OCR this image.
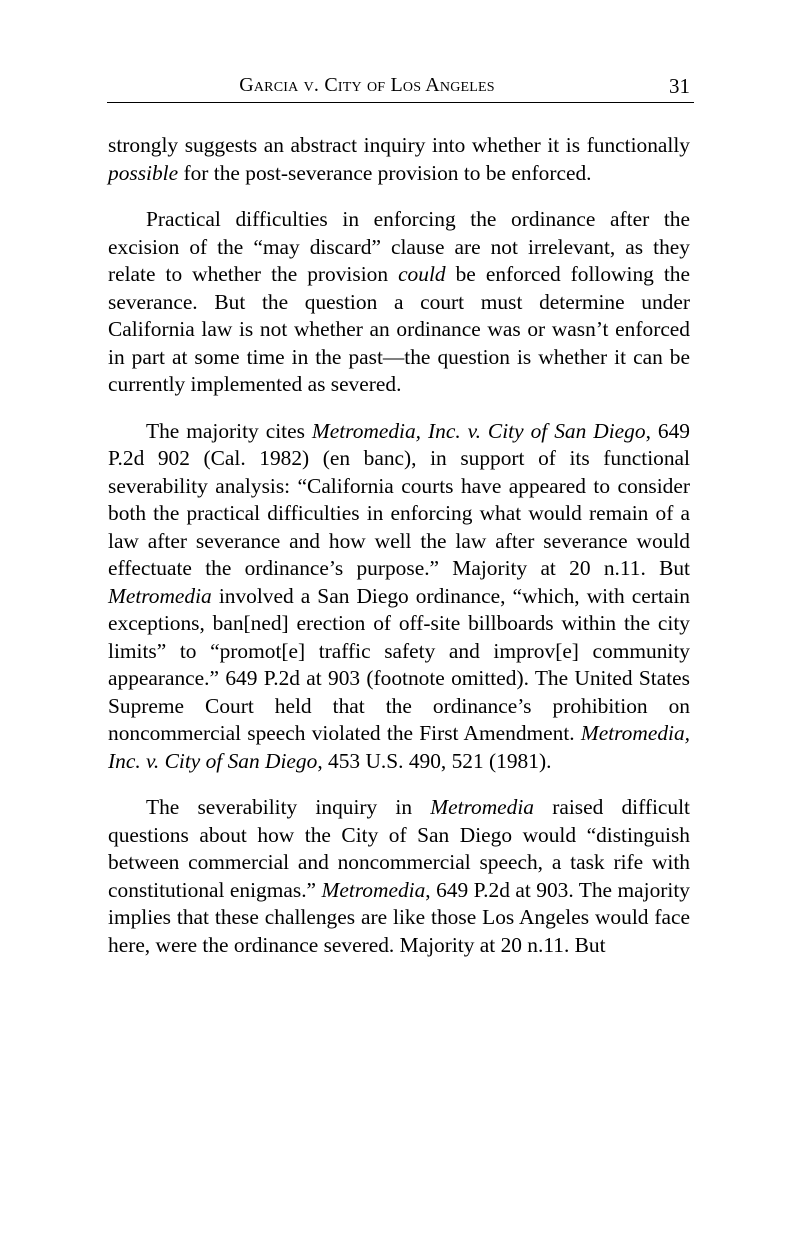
Garcia v. City of Los Angeles	31

strongly suggests an abstract inquiry into whether it is functionally possible for the post-severance provision to be enforced.

Practical difficulties in enforcing the ordinance after the excision of the “may discard” clause are not irrelevant, as they relate to whether the provision could be enforced following the severance. But the question a court must determine under California law is not whether an ordinance was or wasn’t enforced in part at some time in the past—the question is whether it can be currently implemented as severed.

The majority cites Metromedia, Inc. v. City of San Diego, 649 P.2d 902 (Cal. 1982) (en banc), in support of its functional severability analysis: “California courts have appeared to consider both the practical difficulties in enforcing what would remain of a law after severance and how well the law after severance would effectuate the ordinance’s purpose.” Majority at 20 n.11. But Metromedia involved a San Diego ordinance, “which, with certain exceptions, ban[ned] erection of off-site billboards within the city limits” to “promot[e] traffic safety and improv[e] community appearance.” 649 P.2d at 903 (footnote omitted). The United States Supreme Court held that the ordinance’s prohibition on noncommercial speech violated the First Amendment. Metromedia, Inc. v. City of San Diego, 453 U.S. 490, 521 (1981).

The severability inquiry in Metromedia raised difficult questions about how the City of San Diego would “distinguish between commercial and noncommercial speech, a task rife with constitutional enigmas.” Metromedia, 649 P.2d at 903. The majority implies that these challenges are like those Los Angeles would face here, were the ordinance severed. Majority at 20 n.11. But
